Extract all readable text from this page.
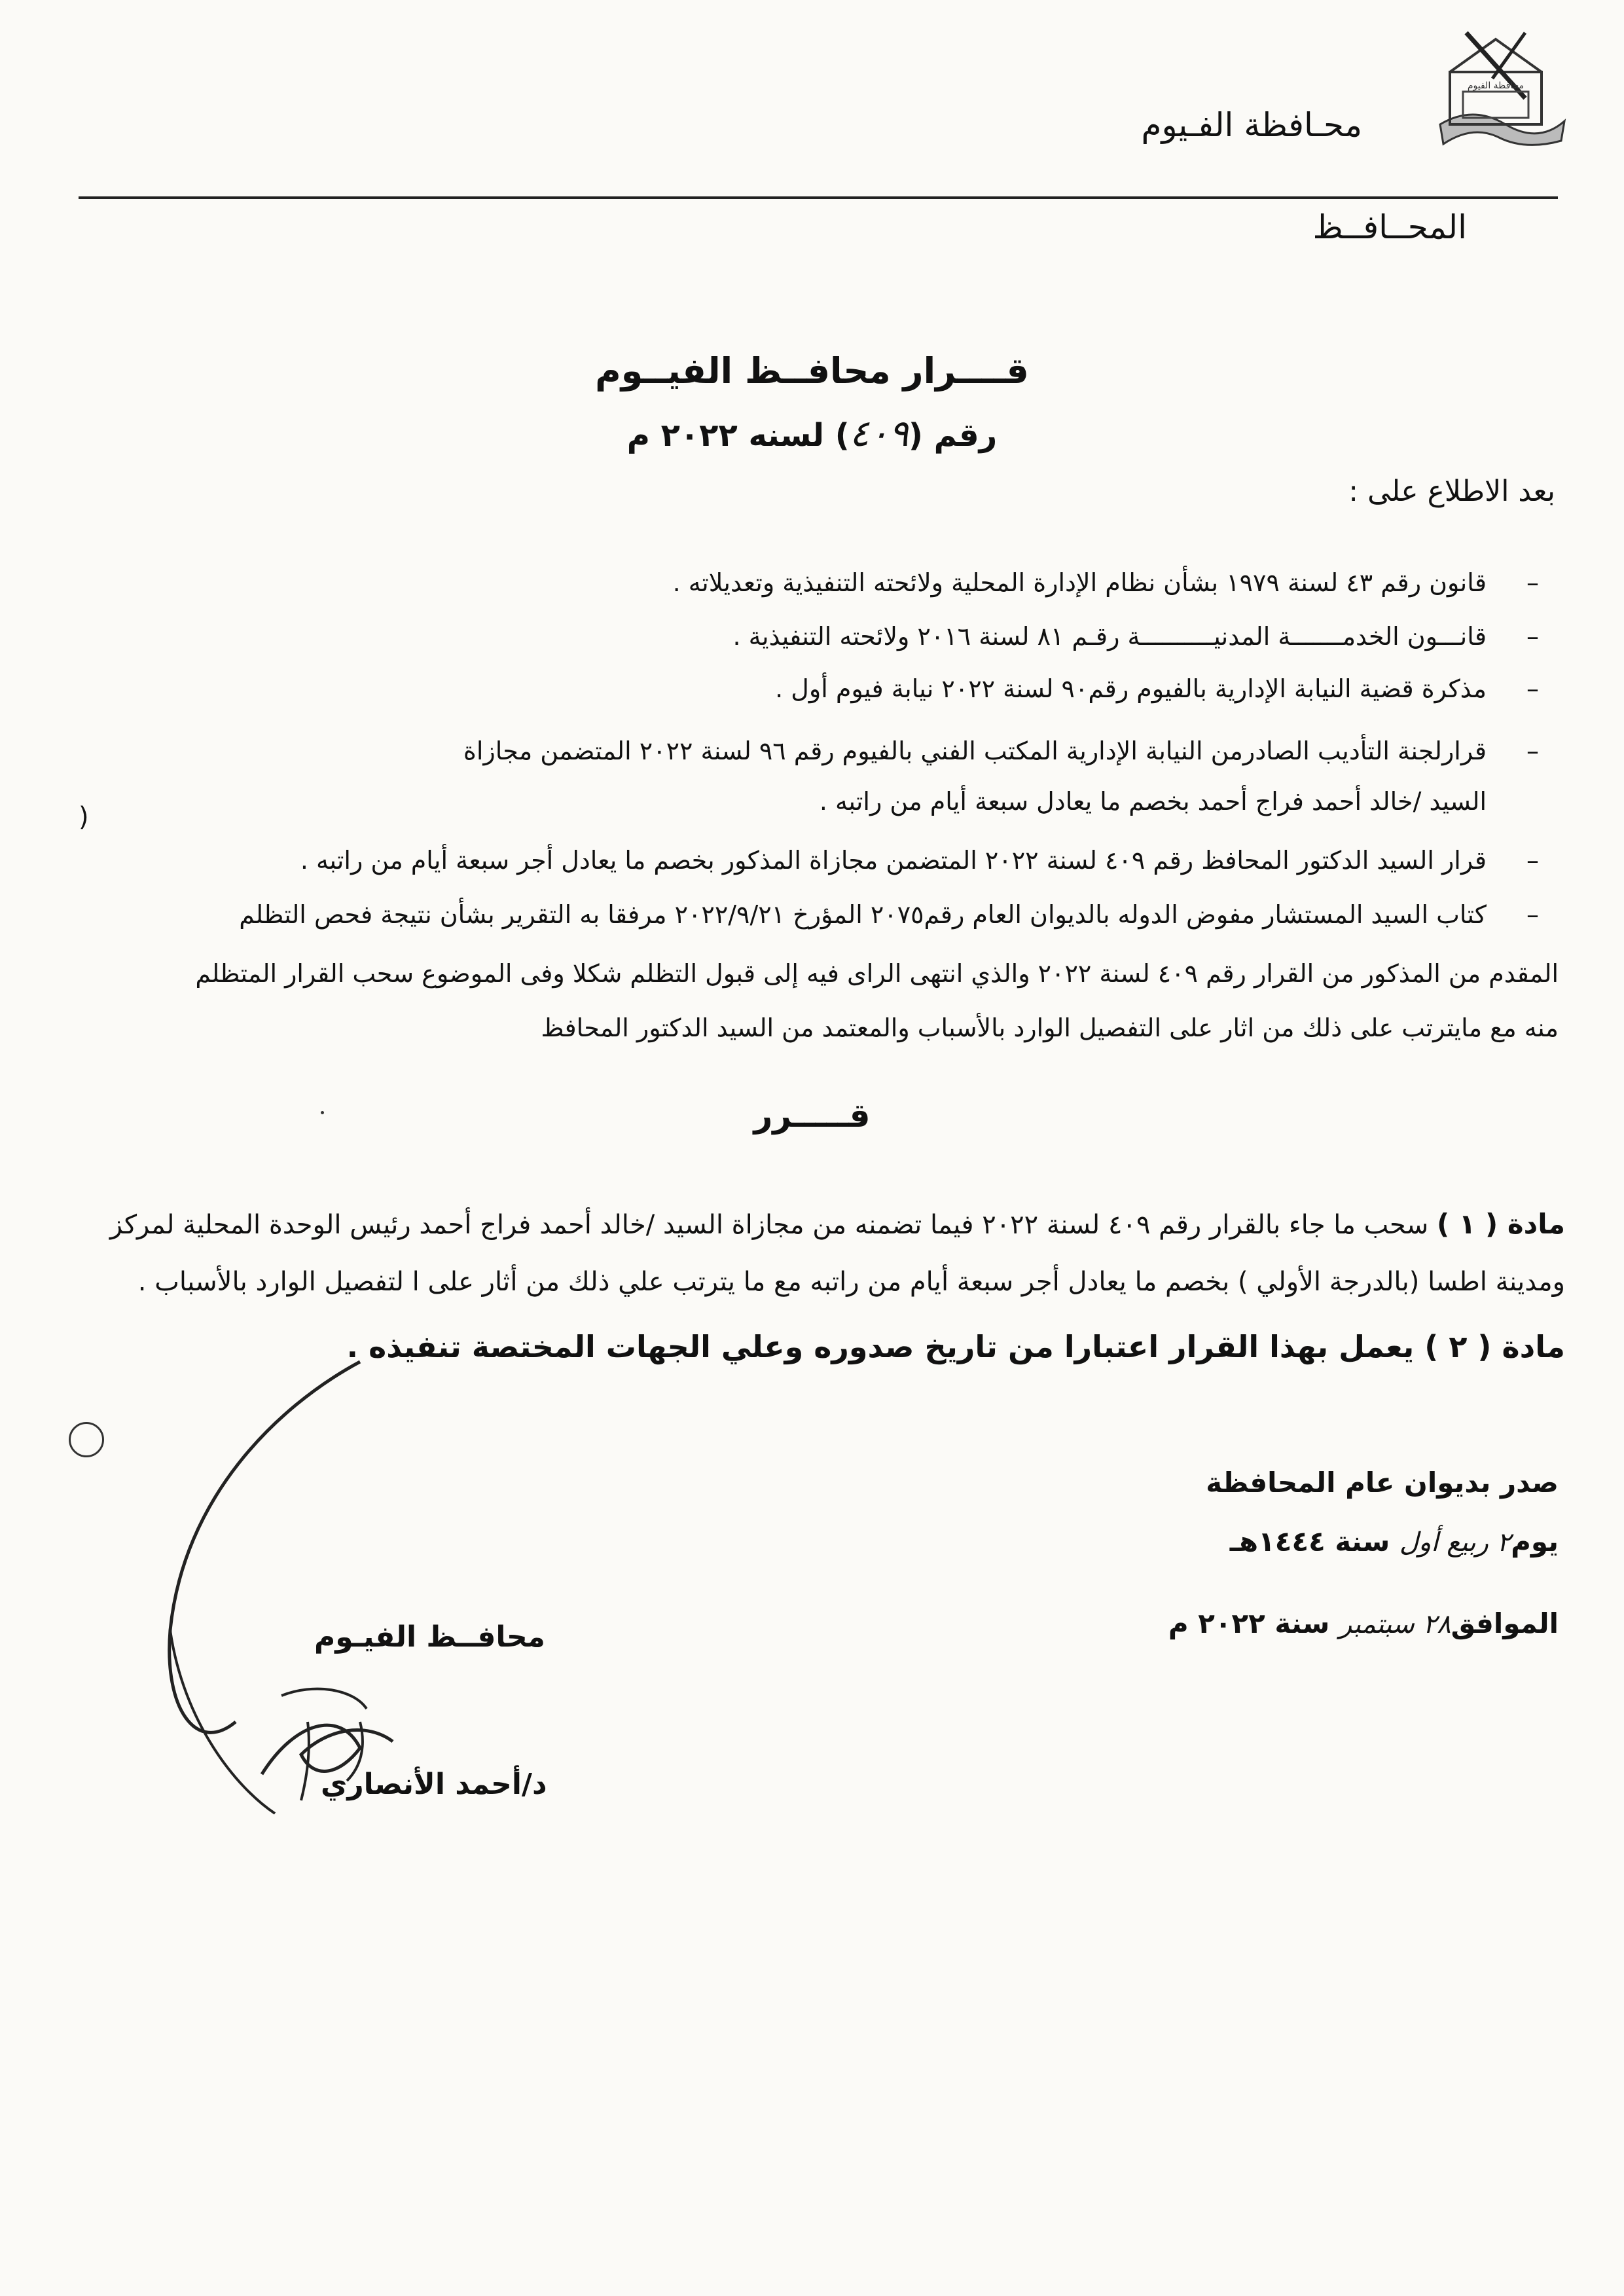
محافظة الفيوم
محـافظة الفـيوم
المحــافــظ
قــــرار محافــظ الفيــوم
رقم (٤٠٩) لسنه ٢٠٢٢ م
بعد الاطلاع على :
–
قانون رقم ٤٣ لسنة ١٩٧٩ بشأن نظام الإدارة المحلية ولائحته التنفيذية وتعديلاته .
–
قانـــون الخدمـــــــة المدنيــــــــــة رقـم ٨١ لسنة ٢٠١٦ ولائحته التنفيذية .
–
مذكرة قضية النيابة الإدارية بالفيوم رقم٩٠ لسنة ٢٠٢٢ نيابة فيوم أول .
–
قرارلجنة التأديب الصادرمن النيابة الإدارية المكتب الفني بالفيوم رقم ٩٦ لسنة ٢٠٢٢ المتضمن مجازاة
السيد /خالد أحمد فراج أحمد بخصم ما يعادل سبعة أيام من راتبه .
–
قرار السيد الدكتور المحافظ رقم ٤٠٩ لسنة ٢٠٢٢ المتضمن مجازاة المذكور بخصم ما يعادل أجر سبعة أيام من راتبه .
–
كتاب السيد المستشار مفوض الدوله بالديوان العام رقم٢٠٧٥ المؤرخ ٢٠٢٢/٩/٢١ مرفقا به التقرير بشأن نتيجة فحص التظلم
المقدم من المذكور من القرار رقم ٤٠٩ لسنة ٢٠٢٢ والذي انتهى الراى فيه إلى قبول التظلم شكلا وفى الموضوع سحب القرار المتظلم
منه مع مايترتب على ذلك من اثار على التفصيل الوارد بالأسباب والمعتمد من السيد الدكتور المحافظ
)
قـــــرر
مادة ( ١ ) سحب ما جاء بالقرار رقم ٤٠٩ لسنة ٢٠٢٢ فيما تضمنه من مجازاة السيد /خالد أحمد فراج أحمد رئيس الوحدة المحلية لمركز
ومدينة اطسا (بالدرجة الأولي ) بخصم ما يعادل أجر سبعة أيام من راتبه مع ما يترتب علي ذلك من أثار على ا لتفصيل الوارد بالأسباب .
مادة ( ٢ ) يعمل بهذا القرار اعتبارا من تاريخ صدوره وعلي الجهات المختصة تنفيذه .
صدر بديوان عام المحافظة
يوم٢ ربيع أول سنة ١٤٤٤هـ
الموافق٢٨ سبتمبر سنة ٢٠٢٢ م
محافــظ الفيـوم
د/أحمد الأنصاري
